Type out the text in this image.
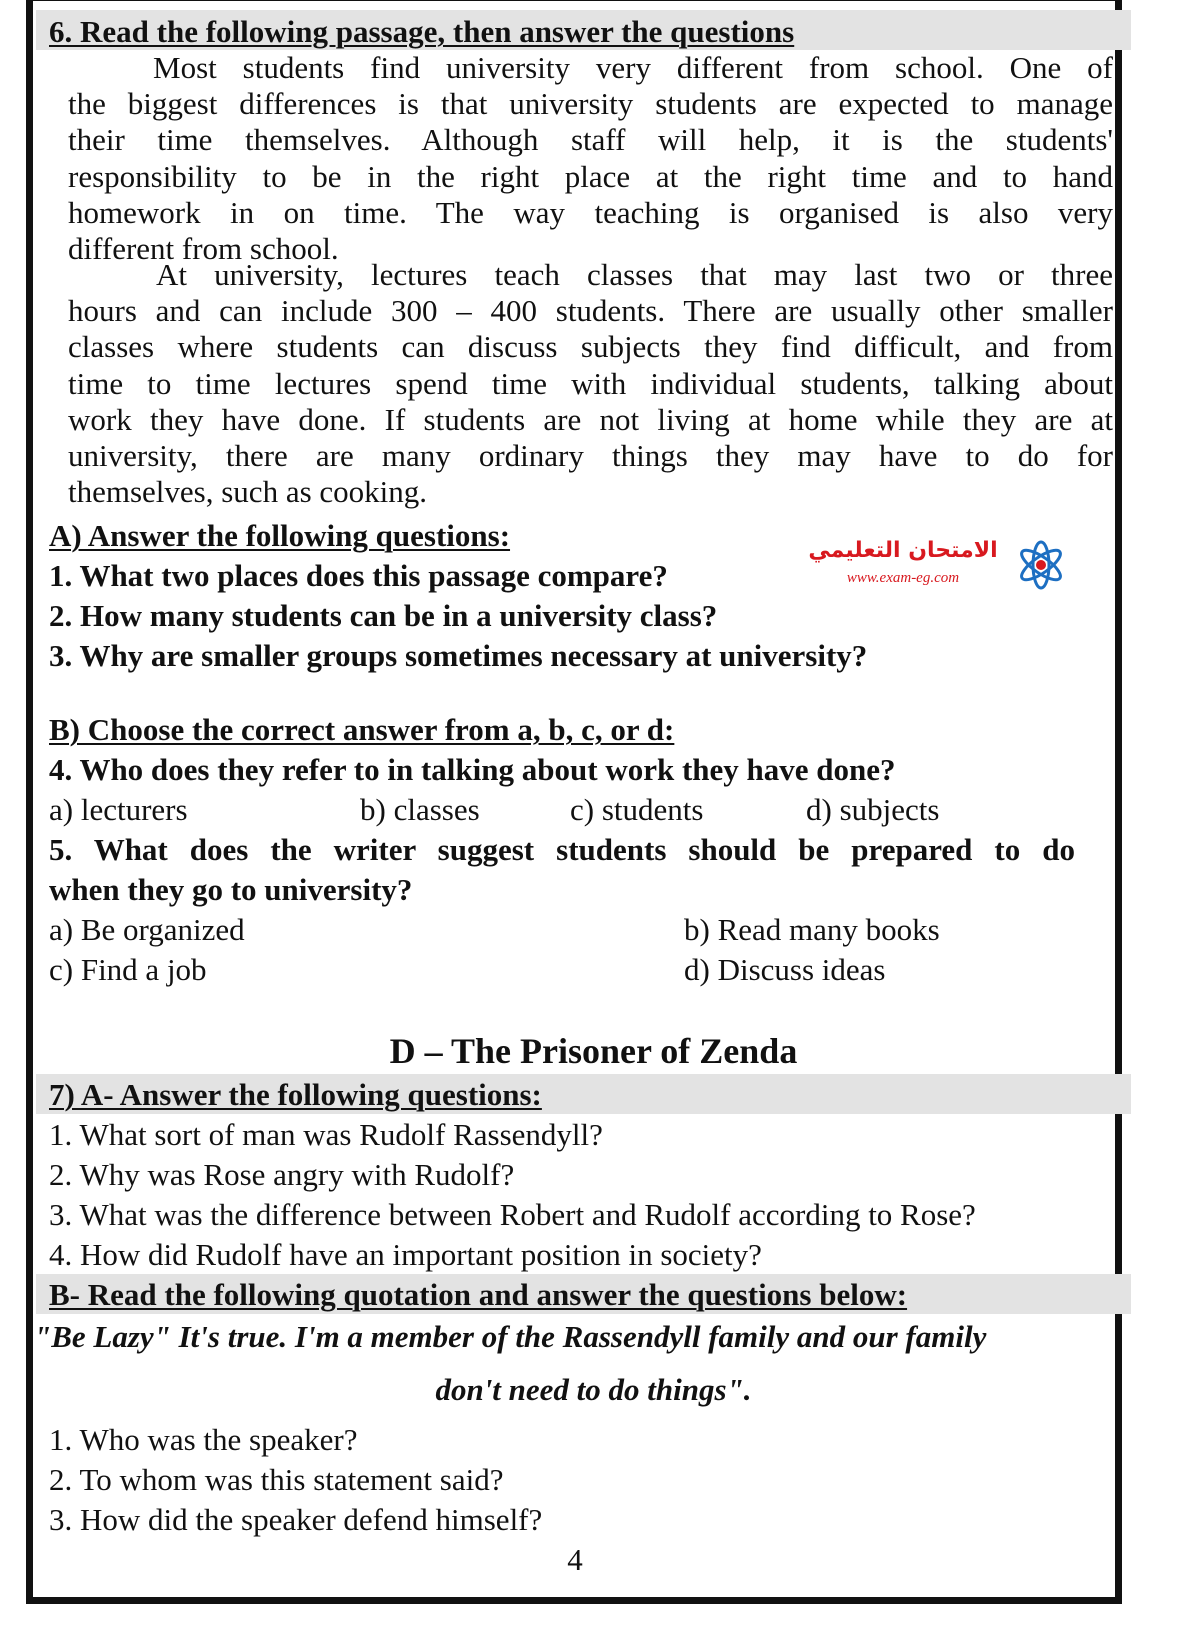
6. Read the following passage, then answer the questions
Most students find university very different from school. One of
the biggest differences is that university students are expected to manage
their time themselves. Although staff will help, it is the students'
responsibility to be in the right place at the right time and to hand
homework in on time. The way teaching is organised is also very
different from school.
At university, lectures teach classes that may last two or three
hours and can include 300 – 400 students. There are usually other smaller
classes where students can discuss subjects they find difficult, and from
time to time lectures spend time with individual students, talking about
work they have done. If students are not living at home while they are at
university, there are many ordinary things they may have to do for
themselves, such as cooking.
A) Answer the following questions:
1. What two places does this passage compare?
2. How many students can be in a university class?
3. Why are smaller groups sometimes necessary at university?
الامتحان التعليمي
www.exam-eg.com
B) Choose the correct answer from a, b, c, or d:
4. Who does they refer to in talking about work they have done?
a) lecturers	b) classes	c) students	d) subjects
5. What does the writer suggest students should be prepared to do
when they go to university?
a) Be organized	b) Read many books
c) Find a job	d) Discuss ideas
D – The Prisoner of Zenda
7) A- Answer the following questions:
1. What sort of man was Rudolf Rassendyll?
2. Why was Rose angry with Rudolf?
3. What was the difference between Robert and Rudolf according to Rose?
4. How did Rudolf have an important position in society?
B- Read the following quotation and answer the questions below:
"Be Lazy" It's true. I'm a member of the Rassendyll family and our family
don't need to do things".
1. Who was the speaker?
2. To whom was this statement said?
3. How did the speaker defend himself?
4
